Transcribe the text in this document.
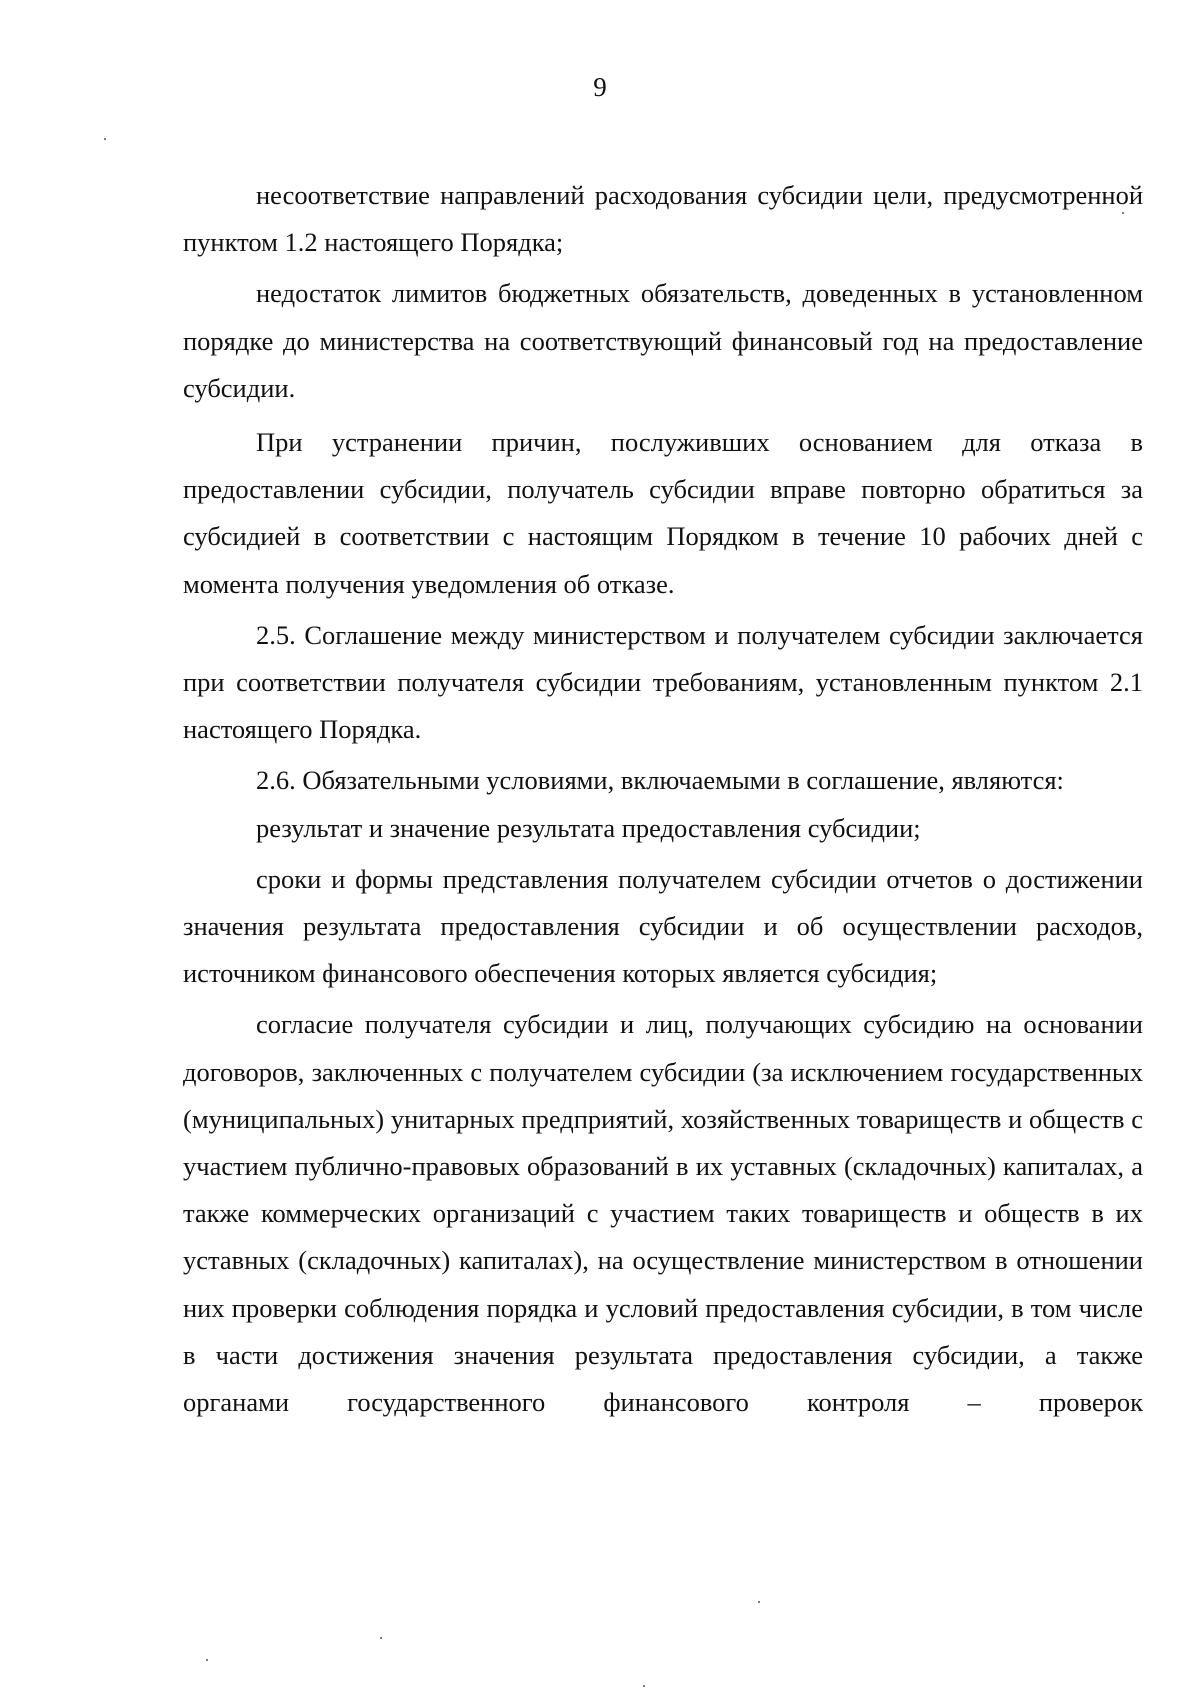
9

несоответствие направлений расходования субсидии цели, предусмотренной пунктом 1.2 настоящего Порядка;

недостаток лимитов бюджетных обязательств, доведенных в установленном порядке до министерства на соответствующий финансовый год на предоставление субсидии.

При устранении причин, послуживших основанием для отказа в предоставлении субсидии, получатель субсидии вправе повторно обратиться за субсидией в соответствии с настоящим Порядком в течение 10 рабочих дней с момента получения уведомления об отказе.

2.5. Соглашение между министерством и получателем субсидии заключается при соответствии получателя субсидии требованиям, установленным пунктом 2.1 настоящего Порядка.

2.6. Обязательными условиями, включаемыми в соглашение, являются:

результат и значение результата предоставления субсидии;

сроки и формы представления получателем субсидии отчетов о достижении значения результата предоставления субсидии и об осуществлении расходов, источником финансового обеспечения которых является субсидия;

согласие получателя субсидии и лиц, получающих субсидию на основании договоров, заключенных с получателем субсидии (за исключением государственных (муниципальных) унитарных предприятий, хозяйственных товариществ и обществ с участием публично-правовых образований в их уставных (складочных) капиталах, а также коммерческих организаций с участием таких товариществ и обществ в их уставных (складочных) капиталах), на осуществление министерством в отношении них проверки соблюдения порядка и условий предоставления субсидии, в том числе в части достижения значения результата предоставления субсидии, а также органами государственного финансового контроля – проверок
